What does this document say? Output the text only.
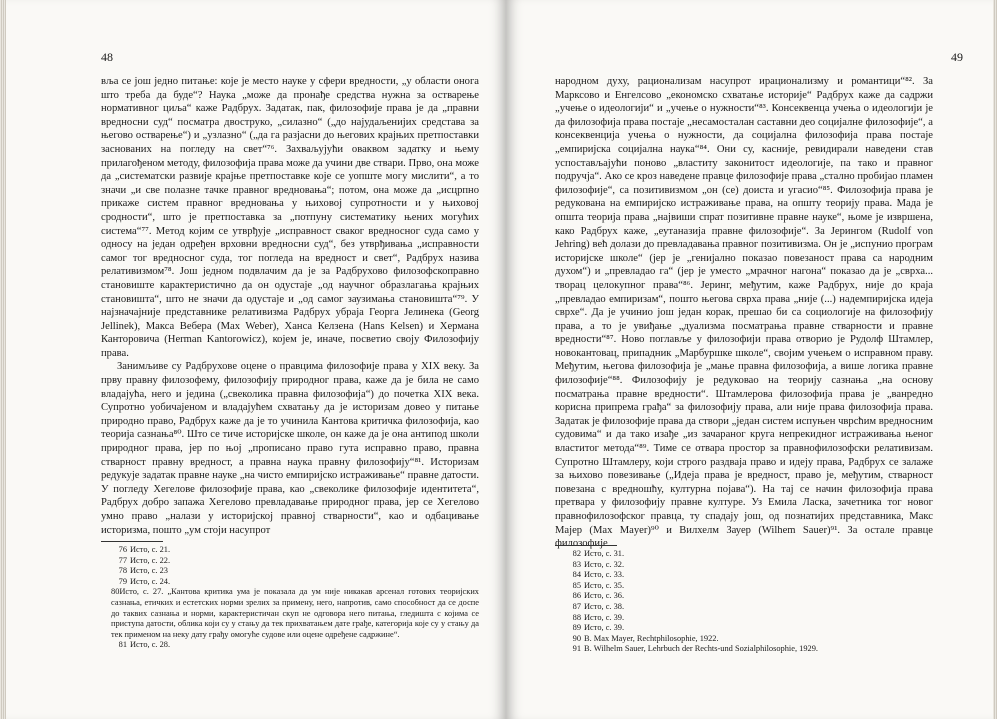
48

вља се још једно питање: које је место науке у сфери вредности, „у области онога што треба да буде“? Наука „може да пронађе средства нужна за остварење нормативног циља“ каже Радбрух. Задатак, пак, филозофије права је да „правни вредносни суд“ посматра двоструко, „силазно“ („до најудаљенијих средстава за његово остварење“) и „узлазно“ („да га разјасни до његових крајњих претпоставки заснованих на погледу на свет“⁷⁶. Захваљујући оваквом задатку и њему прилагођеном методу, филозофија права може да учини две ствари. Прво, она може да „систематски развије крајње претпоставке које се уопште могу мислити“, а то значи „и све полазне тачке правног вредновања“; потом, она може да „исцрпно прикаже систем правног вредновања у њиховој супротности и у њиховој сродности“, што је претпоставка за „потпуну систематику њених могућих система“⁷⁷. Метод којим се утврђује „исправност сваког вредносног суда само у односу на један одређен врховни вредносни суд“, без утврђивања „исправности самог тог вредносног суда, тог погледа на вредност и свет“, Радбрух назива релативизмом⁷⁸. Још једном подвлачим да је за Радбрухово филозофскоправно становиште карактеристично да он одустаје „од научног образлагања крајњих становишта“, што не значи да одустаје и „од самог заузимања становишта“⁷⁹. У најзначајније представнике релативизма Радбрух убраја Георга Јелинека (Georg Jellinek), Макса Вебера (Max Weber), Ханса Келзена (Hans Kelsen) и Хермана Канторовича (Herman Kantorowicz), којем је, иначе, посветио своју Филозофију права.

Занимљиве су Радбрухове оцене о правцима филозофије права у XIX веку. За прву правну филозофему, филозофију природног права, каже да је била не само владајућа, него и једина („свеколика правна филозофија“) до почетка XIX века. Супротно уобичајеном и владајућем схватању да је историзам довео у питање природно право, Радбрух каже да је то учинила Кантова критичка филозофија, као теорија сазнања⁸⁰. Што се тиче историјске школе, он каже да је она антипод школи природног права, јер по њој „прописано право гута исправно право, правна стварност правну вредност, а правна наука правну филозофију“⁸¹. Историзам редукује задатак правне науке „на чисто емпиријско истраживање“ правне датости. У погледу Хегелове филозофије права, као „свеколике филозофије идентитета“, Радбрух добро запажа Хегелово превладавање природног права, јер се Хегелово умно право „налази у историјској правној стварности“, као и одбацивање историзма, пошто „ум стоји насупрот

76 Исто, с. 21.

77 Исто, с. 22.

78 Исто, с. 23

79 Исто, с. 24.

80Исто, с. 27. „Кантова критика ума је показала да ум није никакав арсенал готових теоријских сазнања, етичких и естетских норми зрелих за примену, него, напротив, само способност да се доспе до таквих сазнања и норми, карактеристичан скуп не одговора него питања, гледишта с којима се приступа датости, облика који су у стању да тек прихватањем дате грађе, категорија које су у стању да тек применом на неку дату грађу омогуће судове или оцене одређене садржине“.

81 Исто, с. 28.

49

народном духу, рационализам насупрот ирационализму и романтици“⁸². За Марксово и Енгелсово „економско схватање историје“ Радбрух каже да садржи „учење о идеологији“ и „учење о нужности“⁸³. Консеквенца учења о идеологији је да филозофија права постаје „несамосталан саставни део социјалне филозофије“, а консеквенција учења о нужности, да социјална филозофија права постаје „емпиријска социјална наука“⁸⁴. Они су, касније, ревидирали наведени став успостављајући поново „властиту законитост идеологије, па тако и правног подручја“. Ако се кроз наведене правце филозофије права „стално пробијао пламен филозофије“, са позитивизмом „он (се) доиста и угасио“⁸⁵. Филозофија права је редукована на емпиријско истраживање права, на општу теорију права. Мада је општа теорија права „највиши спрат позитивне правне науке“, њоме је извршена, како Радбрух каже, „еутаназија правне филозофије“. За Јерингом (Rudolf von Jehring) већ долази до превладавања правног позитивизма. Он је „испунио програм историјске школе“ (јер је „генијално показао повезаност права са народним духом“) и „превладао га“ (јер је уместо „мрачног нагона“ показао да је „сврха... творац целокупног права“⁸⁶. Јеринг, међутим, каже Радбрух, није до краја „превладао емпиризам“, пошто његова сврха права „није (...) надемпиријска идеја сврхе“. Да је учинио још један корак, прешао би са социологије на филозофију права, а то је увиђање „дуализма посматрања правне стварности и правне вредности“⁸⁷. Ново поглавље у филозофији права отворио је Рудолф Штамлер, новокантовац, припадник „Марбуршке школе“, својим учењем о исправном праву. Међутим, његова филозофија је „мање правна филозофија, а више логика правне филозофије“⁸⁸. Филозофију је редуковао на теорију сазнања „на основу посматрања правне вредности“. Штамлерова филозофија права је „ванредно корисна припрема грађа“ за филозофију права, али није права филозофија права. Задатак је филозофије права да створи „један систем испуњен чврсћим вредносним судовима“ и да тако изађе „из зачараног круга непрекидног истраживања њеног властитог метода“⁸⁹. Тиме се отвара простор за правнофилозофски релативизам. Супротно Штамлеру, који строго раздваја право и идеју права, Радбрух се залаже за њихово повезивање („Идеја права је вредност, право је, међутим, стварност повезана с вредношћу, културна појава“). На тај се начин филозофија права претвара у филозофију правне културе. Уз Емила Ласка, зачетника тог новог правнофилозофског правца, ту спадају још, од познатијих представника, Макс Мајер (Max Mayer)⁹⁰ и Вилхелм Зауер (Wilhem Sauer)⁹¹. За остале правце филозофије

82 Исто, с. 31.

83 Исто, с. 32.

84 Исто, с. 33.

85 Исто, с. 35.

86 Исто, с. 36.

87 Исто, с. 38.

88 Исто, с. 39.

89 Исто, с. 39.

90 В. Max Mayer, Rechtphilosophie, 1922.

91 В. Wilhelm Sauer, Lehrbuch der Rechts-und Sozialphilosophie, 1929.
